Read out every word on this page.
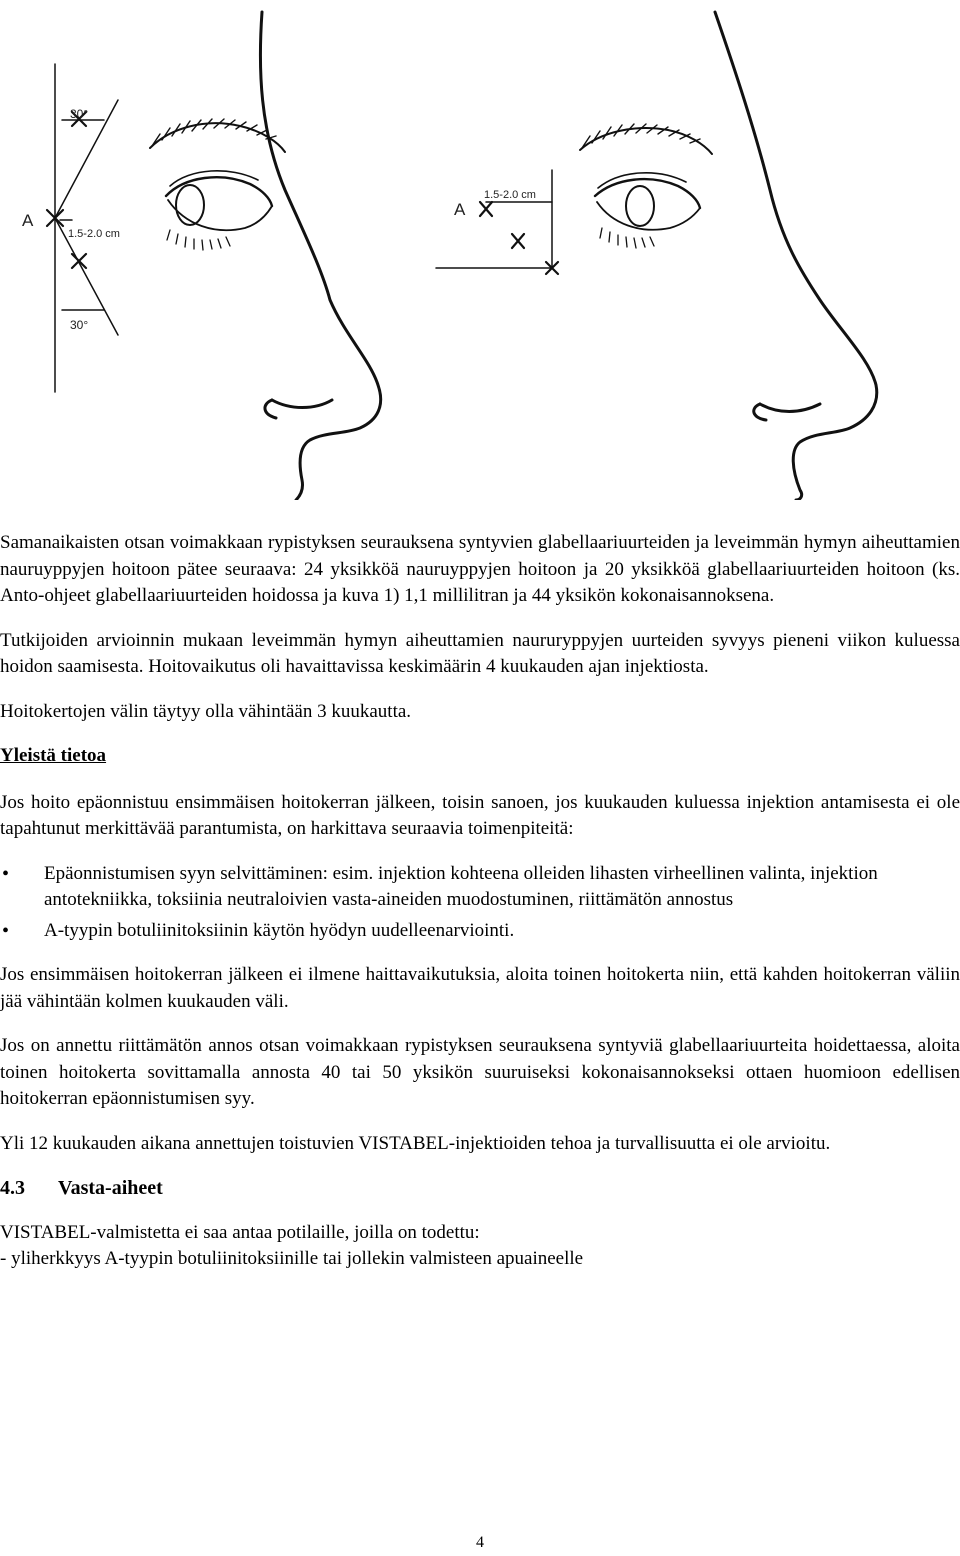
30°
30°
A
1.5-2.0 cm
A
1.5-2.0 cm

Samanaikaisten otsan voimakkaan rypistyksen seurauksena syntyvien glabellaariuurteiden ja leveimmän hymyn aiheuttamien nauruyppyjen hoitoon pätee seuraava: 24 yksikköä nauruyppyjen hoitoon ja 20 yksikköä glabellaariuurteiden hoitoon (ks. Anto-ohjeet glabellaariuurteiden hoidossa ja kuva 1) 1,1 millilitran ja 44 yksikön kokonaisannoksena.

Tutkijoiden arvioinnin mukaan leveimmän hymyn aiheuttamien naururyppyjen uurteiden syvyys pieneni viikon kuluessa hoidon saamisesta. Hoitovaikutus oli havaittavissa keskimäärin 4 kuukauden ajan injektiosta.

Hoitokertojen välin täytyy olla vähintään 3 kuukautta.

Yleistä tietoa

Jos hoito epäonnistuu ensimmäisen hoitokerran jälkeen, toisin sanoen, jos kuukauden kuluessa injektion antamisesta ei ole tapahtunut merkittävää parantumista, on harkittava seuraavia toimenpiteitä:

• Epäonnistumisen syyn selvittäminen: esim. injektion kohteena olleiden lihasten virheellinen valinta, injektion antotekniikka, toksiinia neutraloivien vasta-aineiden muodostuminen, riittämätön annostus
• A-tyypin botuliinitoksiinin käytön hyödyn uudelleenarviointi.

Jos ensimmäisen hoitokerran jälkeen ei ilmene haittavaikutuksia, aloita toinen hoitokerta niin, että kahden hoitokerran väliin jää vähintään kolmen kuukauden väli.

Jos on annettu riittämätön annos otsan voimakkaan rypistyksen seurauksena syntyviä glabellaariuurteita hoidettaessa, aloita toinen hoitokerta sovittamalla annosta 40 tai 50 yksikön suuruiseksi kokonaisannokseksi ottaen huomioon edellisen hoitokerran epäonnistumisen syy.

Yli 12 kuukauden aikana annettujen toistuvien VISTABEL-injektioiden tehoa ja turvallisuutta ei ole arvioitu.

4.3 Vasta-aiheet

VISTABEL-valmistetta ei saa antaa potilaille, joilla on todettu:

- yliherkkyys A-tyypin botuliinitoksiinille tai jollekin valmisteen apuaineelle

4
